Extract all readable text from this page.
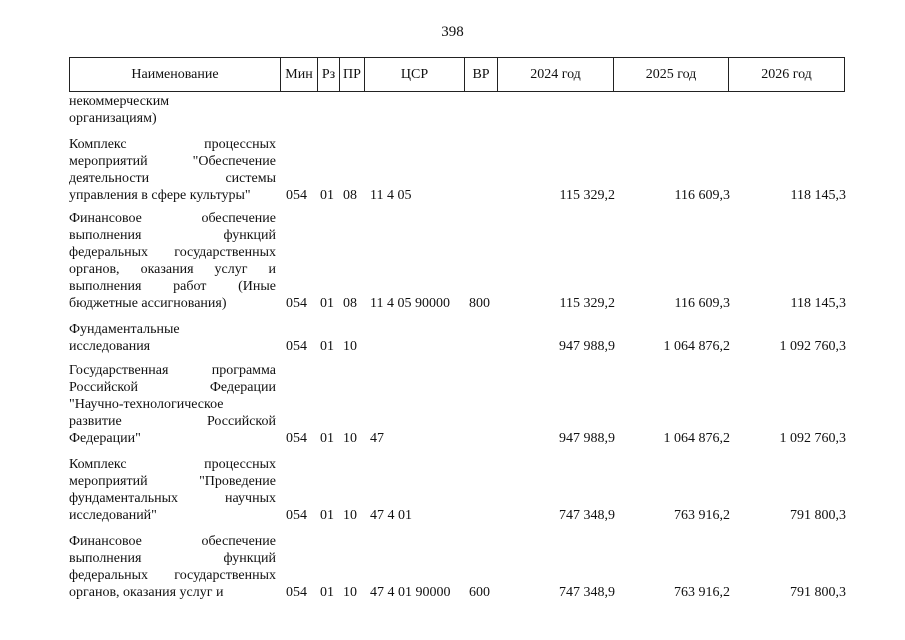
398
Наименование	Мин	Рз	ПР	ЦСР	ВР	2024 год	2025 год	2026 год
некоммерческим
организациям)
Комплекс процессных
мероприятий "Обеспечение
деятельности системы
управления в сфере культуры"	054 01 08 11 4 05	115 329,2	116 609,3	118 145,3
Финансовое обеспечение
выполнения функций
федеральных государственных
органов, оказания услуг и
выполнения работ (Иные
бюджетные ассигнования)	054 01 08 11 4 05 90000 800	115 329,2	116 609,3	118 145,3
Фундаментальные
исследования	054 01 10	947 988,9	1 064 876,2	1 092 760,3
Государственная программа
Российской Федерации
"Научно-технологическое
развитие Российской
Федерации"	054 01 10 47	947 988,9	1 064 876,2	1 092 760,3
Комплекс процессных
мероприятий "Проведение
фундаментальных научных
исследований"	054 01 10 47 4 01	747 348,9	763 916,2	791 800,3
Финансовое обеспечение
выполнения функций
федеральных государственных
органов, оказания услуг и	054 01 10 47 4 01 90000 600	747 348,9	763 916,2	791 800,3
